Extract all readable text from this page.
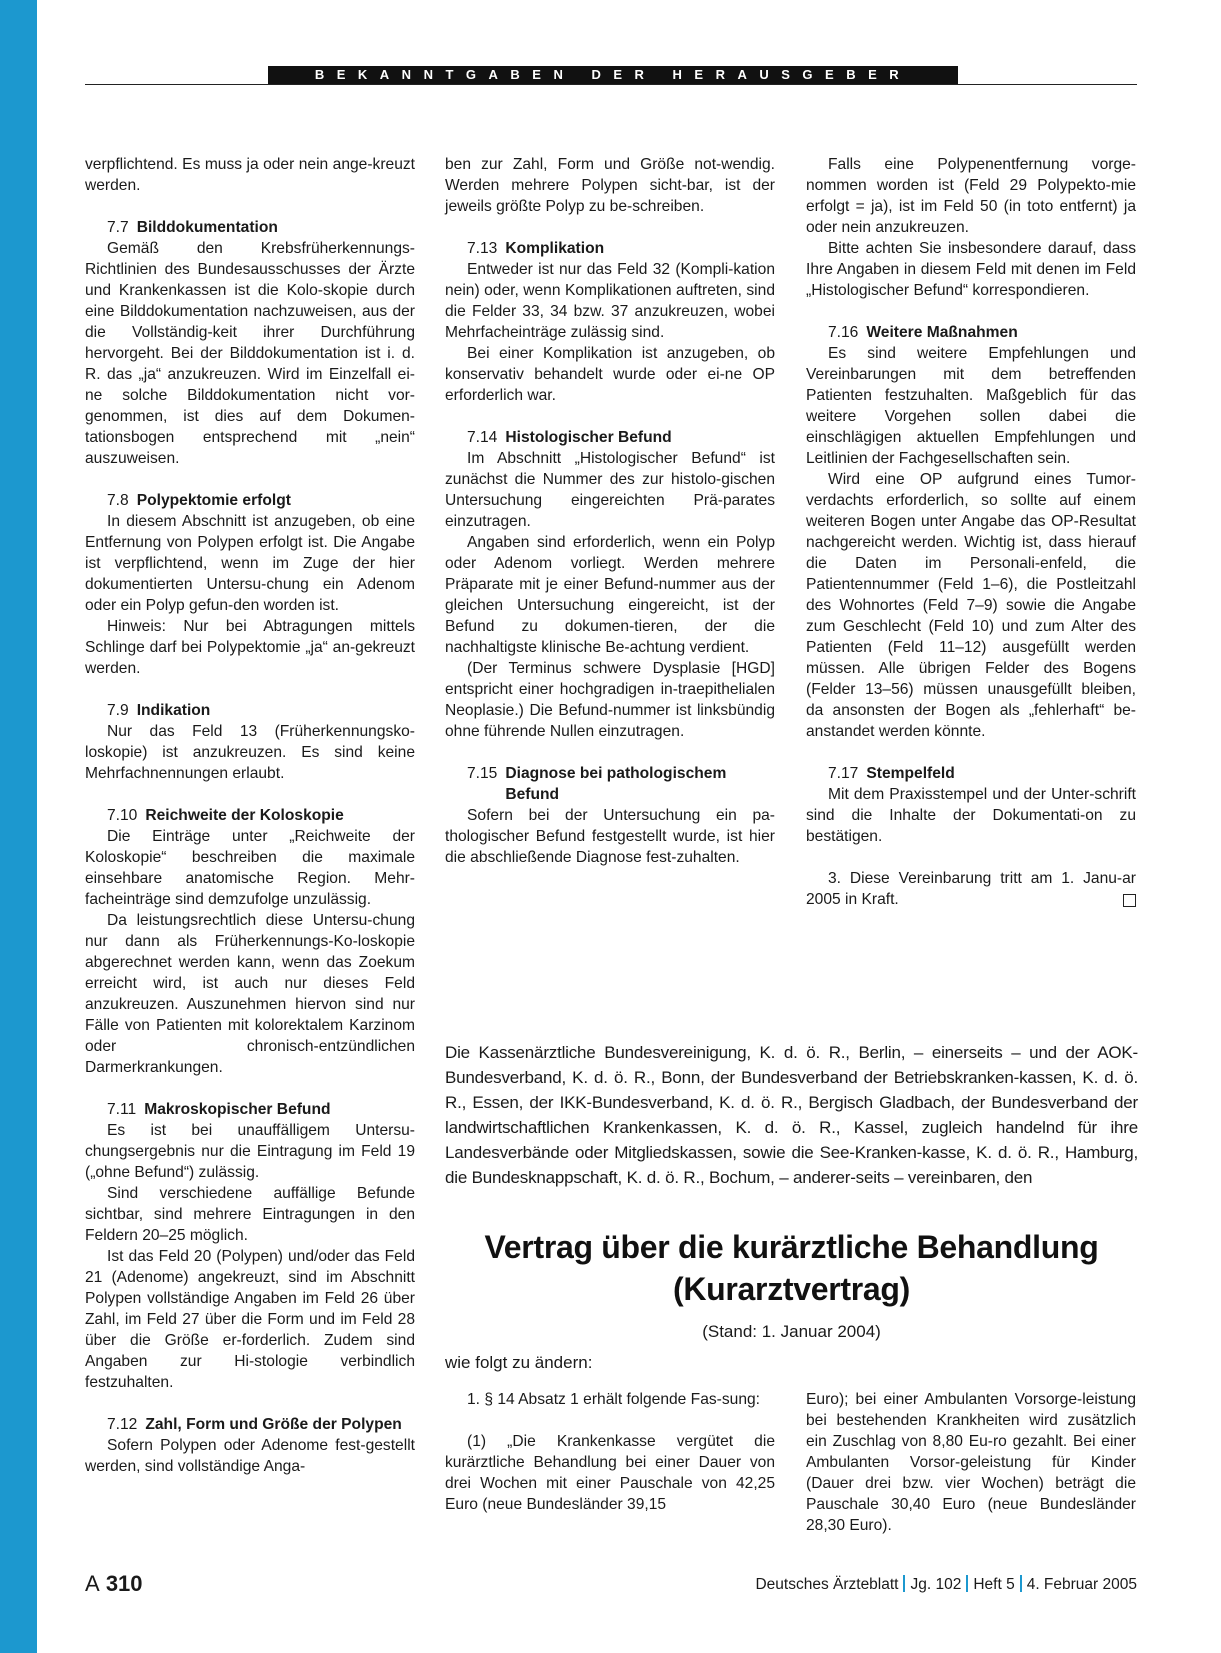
BEKANNTGABEN DER HERAUSGEBER

verpflichtend. Es muss ja oder nein ange-kreuzt werden.

7.7 Bilddokumentation

Gemäß den Krebsfrüherkennungs-Richtlinien des Bundesausschusses der Ärzte und Krankenkassen ist die Kolo-skopie durch eine Bilddokumentation nachzuweisen, aus der die Vollständig-keit ihrer Durchführung hervorgeht. Bei der Bilddokumentation ist i. d. R. das „ja“ anzukreuzen. Wird im Einzelfall ei-ne solche Bilddokumentation nicht vor-genommen, ist dies auf dem Dokumen-tationsbogen entsprechend mit „nein“ auszuweisen.

7.8 Polypektomie erfolgt

In diesem Abschnitt ist anzugeben, ob eine Entfernung von Polypen erfolgt ist. Die Angabe ist verpflichtend, wenn im Zuge der hier dokumentierten Untersu-chung ein Adenom oder ein Polyp gefun-den worden ist.

Hinweis: Nur bei Abtragungen mittels Schlinge darf bei Polypektomie „ja“ an-gekreuzt werden.

7.9 Indikation

Nur das Feld 13 (Früherkennungsko-loskopie) ist anzukreuzen. Es sind keine Mehrfachnennungen erlaubt.

7.10 Reichweite der Koloskopie

Die Einträge unter „Reichweite der Koloskopie“ beschreiben die maximale einsehbare anatomische Region. Mehr-facheinträge sind demzufolge unzulässig.

Da leistungsrechtlich diese Untersu-chung nur dann als Früherkennungs-Ko-loskopie abgerechnet werden kann, wenn das Zoekum erreicht wird, ist auch nur dieses Feld anzukreuzen. Auszunehmen hiervon sind nur Fälle von Patienten mit kolorektalem Karzinom oder chronisch-entzündlichen Darmerkrankungen.

7.11 Makroskopischer Befund

Es ist bei unauffälligem Untersu-chungsergebnis nur die Eintragung im Feld 19 („ohne Befund“) zulässig.

Sind verschiedene auffällige Befunde sichtbar, sind mehrere Eintragungen in den Feldern 20–25 möglich.

Ist das Feld 20 (Polypen) und/oder das Feld 21 (Adenome) angekreuzt, sind im Abschnitt Polypen vollständige Angaben im Feld 26 über Zahl, im Feld 27 über die Form und im Feld 28 über die Größe er-forderlich. Zudem sind Angaben zur Hi-stologie verbindlich festzuhalten.

7.12 Zahl, Form und Größe der Polypen

Sofern Polypen oder Adenome fest-gestellt werden, sind vollständige Anga-

ben zur Zahl, Form und Größe not-wendig. Werden mehrere Polypen sicht-bar, ist der jeweils größte Polyp zu be-schreiben.

7.13 Komplikation

Entweder ist nur das Feld 32 (Kompli-kation nein) oder, wenn Komplikationen auftreten, sind die Felder 33, 34 bzw. 37 anzukreuzen, wobei Mehrfacheinträge zulässig sind.

Bei einer Komplikation ist anzugeben, ob konservativ behandelt wurde oder ei-ne OP erforderlich war.

7.14 Histologischer Befund

Im Abschnitt „Histologischer Befund“ ist zunächst die Nummer des zur histolo-gischen Untersuchung eingereichten Prä-parates einzutragen.

Angaben sind erforderlich, wenn ein Polyp oder Adenom vorliegt. Werden mehrere Präparate mit je einer Befund-nummer aus der gleichen Untersuchung eingereicht, ist der Befund zu dokumen-tieren, der die nachhaltigste klinische Be-achtung verdient.

(Der Terminus schwere Dysplasie [HGD] entspricht einer hochgradigen in-traepithelialen Neoplasie.) Die Befund-nummer ist linksbündig ohne führende Nullen einzutragen.

7.15 Diagnose bei pathologischem Befund

Sofern bei der Untersuchung ein pa-thologischer Befund festgestellt wurde, ist hier die abschließende Diagnose fest-zuhalten.

Falls eine Polypenentfernung vorge-nommen worden ist (Feld 29 Polypekto-mie erfolgt = ja), ist im Feld 50 (in toto entfernt) ja oder nein anzukreuzen.

Bitte achten Sie insbesondere darauf, dass Ihre Angaben in diesem Feld mit denen im Feld „Histologischer Befund“ korrespondieren.

7.16 Weitere Maßnahmen

Es sind weitere Empfehlungen und Vereinbarungen mit dem betreffenden Patienten festzuhalten. Maßgeblich für das weitere Vorgehen sollen dabei die einschlägigen aktuellen Empfehlungen und Leitlinien der Fachgesellschaften sein.

Wird eine OP aufgrund eines Tumor-verdachts erforderlich, so sollte auf einem weiteren Bogen unter Angabe das OP-Resultat nachgereicht werden. Wichtig ist, dass hierauf die Daten im Personali-enfeld, die Patientennummer (Feld 1–6), die Postleitzahl des Wohnortes (Feld 7–9) sowie die Angabe zum Geschlecht (Feld 10) und zum Alter des Patienten (Feld 11–12) ausgefüllt werden müssen. Alle übrigen Felder des Bogens (Felder 13–56) müssen unausgefüllt bleiben, da ansonsten der Bogen als „fehlerhaft“ be-anstandet werden könnte.

7.17 Stempelfeld

Mit dem Praxisstempel und der Unter-schrift sind die Inhalte der Dokumentati-on zu bestätigen.

3. Diese Vereinbarung tritt am 1. Janu-ar 2005 in Kraft.

Die Kassenärztliche Bundesvereinigung, K. d. ö. R., Berlin, – einerseits – und der AOK-Bundesverband, K. d. ö. R., Bonn, der Bundesverband der Betriebskranken-kassen, K. d. ö. R., Essen, der IKK-Bundesverband, K. d. ö. R., Bergisch Gladbach, der Bundesverband der landwirtschaftlichen Krankenkassen, K. d. ö. R., Kassel, zugleich handelnd für ihre Landesverbände oder Mitgliedskassen, sowie die See-Kranken-kasse, K. d. ö. R., Hamburg, die Bundesknappschaft, K. d. ö. R., Bochum, – anderer-seits – vereinbaren, den
Vertrag über die kurärztliche Behandlung
(Kurarztvertrag)
(Stand: 1. Januar 2004)
wie folgt zu ändern:

1. § 14 Absatz 1 erhält folgende Fas-sung:

(1) „Die Krankenkasse vergütet die kurärztliche Behandlung bei einer Dauer von drei Wochen mit einer Pauschale von 42,25 Euro (neue Bundesländer 39,15

Euro); bei einer Ambulanten Vorsorge-leistung bei bestehenden Krankheiten wird zusätzlich ein Zuschlag von 8,80 Eu-ro gezahlt. Bei einer Ambulanten Vorsor-geleistung für Kinder (Dauer drei bzw. vier Wochen) beträgt die Pauschale 30,40 Euro (neue Bundesländer 28,30 Euro).

A 310	Deutsches Ärzteblatt Jg. 102 Heft 5 4. Februar 2005
